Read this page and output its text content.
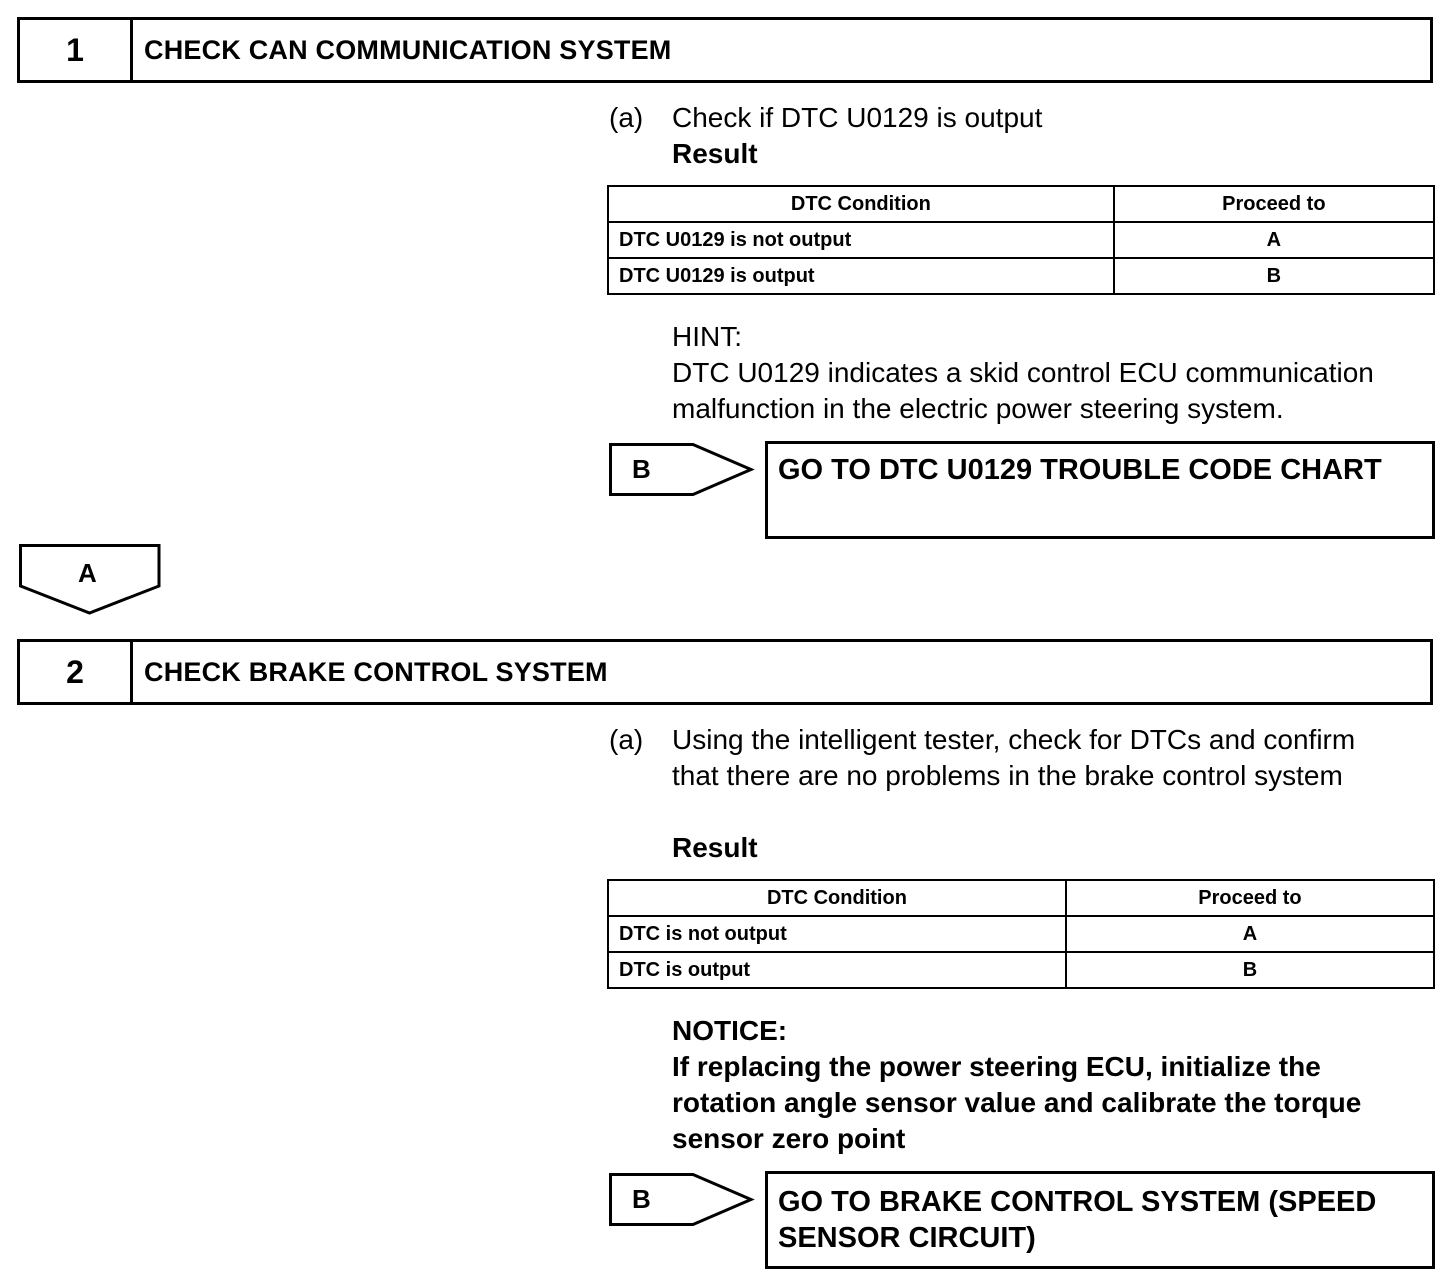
1	CHECK CAN COMMUNICATION SYSTEM
(a) Check if DTC U0129 is output
Result
DTC Condition	Proceed to
DTC U0129 is not output	A
DTC U0129 is output	B
HINT:
DTC U0129 indicates a skid control ECU communication
malfunction in the electric power steering system.
B	GO TO DTC U0129 TROUBLE CODE CHART
A
2	CHECK BRAKE CONTROL SYSTEM
(a) Using the intelligent tester, check for DTCs and confirm
that there are no problems in the brake control system
Result
DTC Condition	Proceed to
DTC is not output	A
DTC is output	B
NOTICE:
If replacing the power steering ECU, initialize the
rotation angle sensor value and calibrate the torque
sensor zero point
B	GO TO BRAKE CONTROL SYSTEM (SPEED
SENSOR CIRCUIT)
